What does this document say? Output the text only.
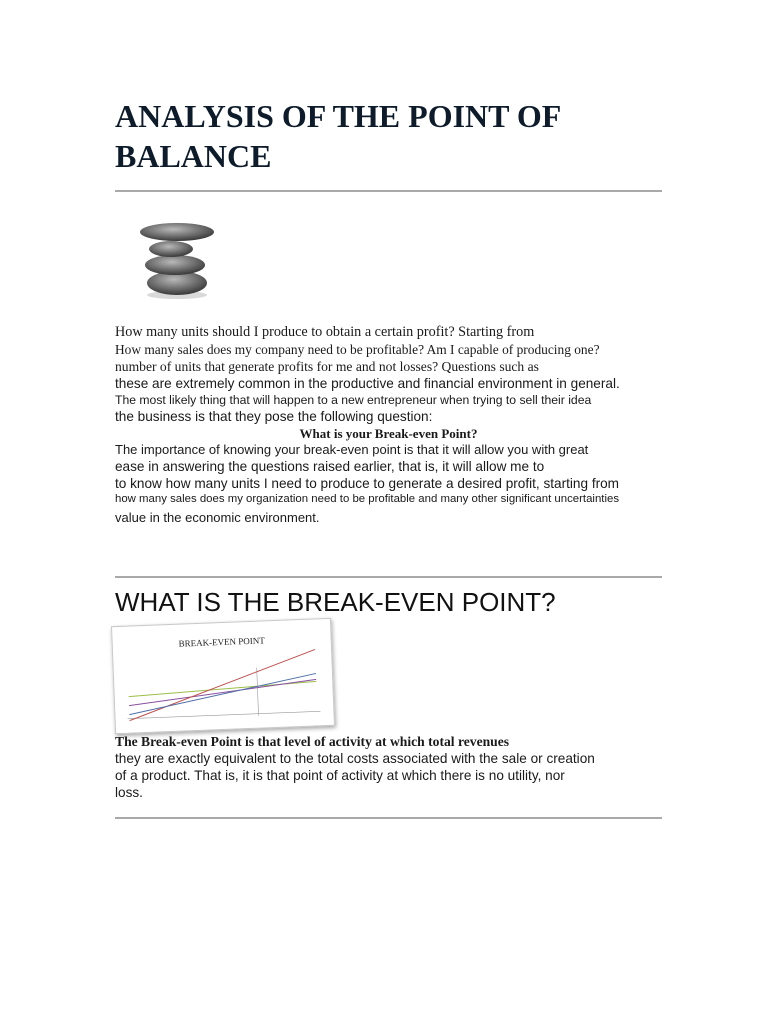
ANALYSIS OF THE POINT OF BALANCE

How many units should I produce to obtain a certain profit? Starting from

How many sales does my company need to be profitable? Am I capable of producing one?

number of units that generate profits for me and not losses? Questions such as

these are extremely common in the productive and financial environment in general.

The most likely thing that will happen to a new entrepreneur when trying to sell their idea

the business is that they pose the following question:

What is your Break-even Point?

The importance of knowing your break-even point is that it will allow you with great

ease in answering the questions raised earlier, that is, it will allow me to

to know how many units I need to produce to generate a desired profit, starting from

how many sales does my organization need to be profitable and many other significant uncertainties

value in the economic environment.

WHAT IS THE BREAK-EVEN POINT?
BREAK-EVEN POINT

The Break-even Point is that level of activity at which total revenues

they are exactly equivalent to the total costs associated with the sale or creation

of a product. That is, it is that point of activity at which there is no utility, nor

loss.
